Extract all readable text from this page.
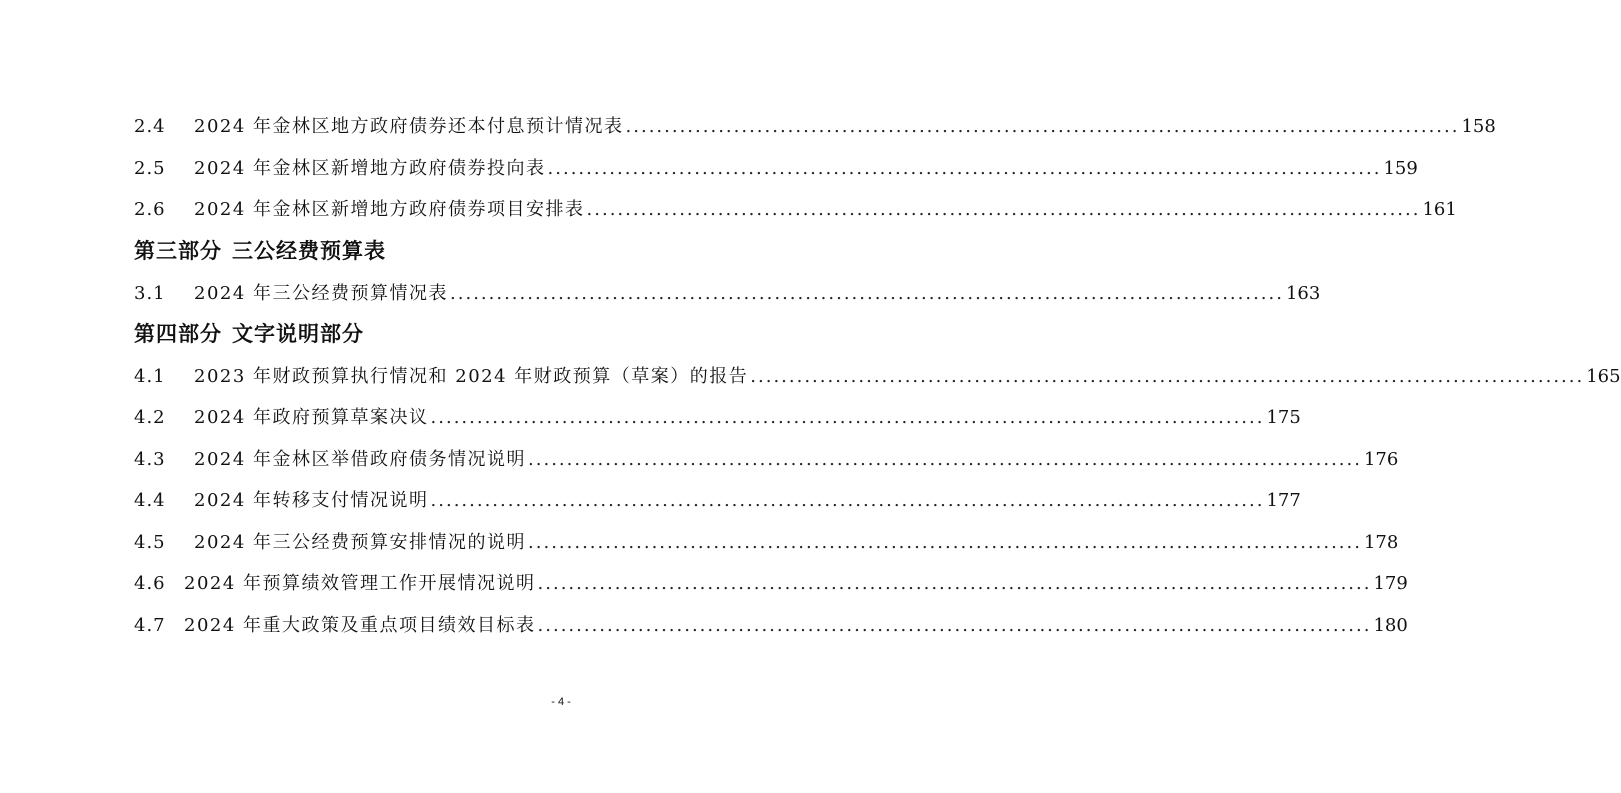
2.4	2024 年金林区地方政府债券还本付息预计情况表 ............................................................................................................ 158
2.5	2024 年金林区新增地方政府债券投向表 ............................................................................................................ 159
2.6	2024 年金林区新增地方政府债券项目安排表 ............................................................................................................ 161
第三部分 三公经费预算表
3.1	2024 年三公经费预算情况表 ............................................................................................................ 163
第四部分 文字说明部分
4.1	2023 年财政预算执行情况和 2024 年财政预算（草案）的报告 ............................................................................................................ 165
4.2	2024 年政府预算草案决议 ............................................................................................................ 175
4.3	2024 年金林区举借政府债务情况说明 ............................................................................................................ 176
4.4	2024 年转移支付情况说明 ............................................................................................................ 177
4.5	2024 年三公经费预算安排情况的说明 ............................................................................................................ 178
4.6	2024 年预算绩效管理工作开展情况说明 ............................................................................................................ 179
4.7	2024 年重大政策及重点项目绩效目标表 ............................................................................................................ 180
- 4 -
